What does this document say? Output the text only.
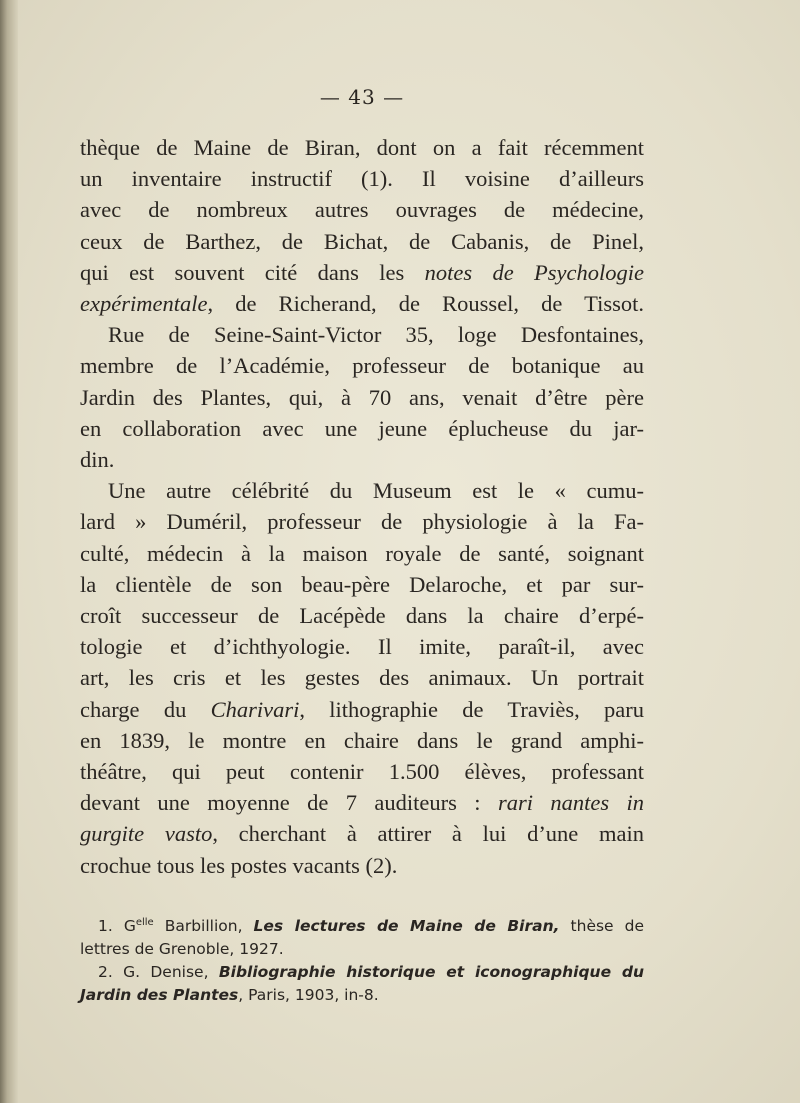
— 43 —
thèque de Maine de Biran, dont on a fait récemment
un inventaire instructif (1). Il voisine d’ailleurs
avec de nombreux autres ouvrages de médecine,
ceux de Barthez, de Bichat, de Cabanis, de Pinel,
qui est souvent cité dans les notes de Psychologie
expérimentale, de Richerand, de Roussel, de Tissot.
Rue de Seine-Saint-Victor 35, loge Desfontaines,
membre de l’Académie, professeur de botanique au
Jardin des Plantes, qui, à 70 ans, venait d’être père
en collaboration avec une jeune éplucheuse du jar-
din.
Une autre célébrité du Museum est le « cumu-
lard » Duméril, professeur de physiologie à la Fa-
culté, médecin à la maison royale de santé, soignant
la clientèle de son beau-père Delaroche, et par sur-
croît successeur de Lacépède dans la chaire d’erpé-
tologie et d’ichthyologie. Il imite, paraît-il, avec
art, les cris et les gestes des animaux. Un portrait
charge du Charivari, lithographie de Traviès, paru
en 1839, le montre en chaire dans le grand amphi-
théâtre, qui peut contenir 1.500 élèves, professant
devant une moyenne de 7 auditeurs : rari nantes in
gurgite vasto, cherchant à attirer à lui d’une main
crochue tous les postes vacants (2).
1. $G^{elle}$ Barbillion, Les lectures de Maine de Biran, thèse de
lettres de Grenoble, 1927.
2. G. Denise, Bibliographie historique et iconographique du
Jardin des Plantes, Paris, 1903, in-8.
